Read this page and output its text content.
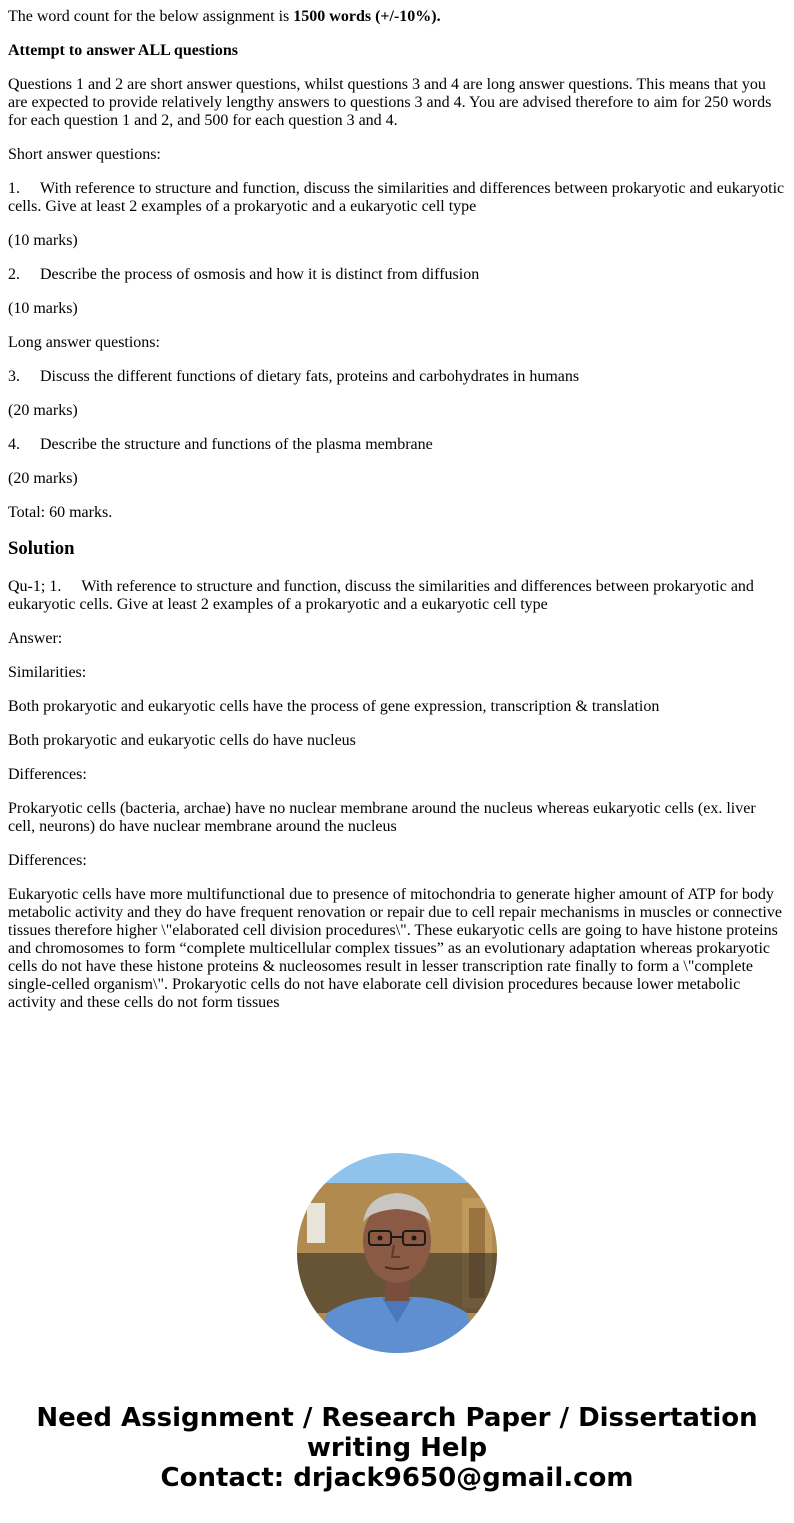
The word count for the below assignment is 1500 words (+/-10%).

Attempt to answer ALL questions

Questions 1 and 2 are short answer questions, whilst questions 3 and 4 are long answer questions. This means that you are expected to provide relatively lengthy answers to questions 3 and 4. You are advised therefore to aim for 250 words for each question 1 and 2, and 500 for each question 3 and 4.

Short answer questions:

1. With reference to structure and function, discuss the similarities and differences between prokaryotic and eukaryotic cells. Give at least 2 examples of a prokaryotic and a eukaryotic cell type

(10 marks)

2. Describe the process of osmosis and how it is distinct from diffusion

(10 marks)

Long answer questions:

3. Discuss the different functions of dietary fats, proteins and carbohydrates in humans

(20 marks)

4. Describe the structure and functions of the plasma membrane

(20 marks)

Total: 60 marks.

Solution

Qu-1; 1. With reference to structure and function, discuss the similarities and differences between prokaryotic and eukaryotic cells. Give at least 2 examples of a prokaryotic and a eukaryotic cell type

Answer:

Similarities:

Both prokaryotic and eukaryotic cells have the process of gene expression, transcription & translation

Both prokaryotic and eukaryotic cells do have nucleus

Differences:

Prokaryotic cells (bacteria, archae) have no nuclear membrane around the nucleus whereas eukaryotic cells (ex. liver cell, neurons) do have nuclear membrane around the nucleus

Differences:

Eukaryotic cells have more multifunctional due to presence of mitochondria to generate higher amount of ATP for body metabolic activity and they do have frequent renovation or repair due to cell repair mechanisms in muscles or connective tissues therefore higher \"elaborated cell division procedures\". These eukaryotic cells are going to have histone proteins and chromosomes to form “complete multicellular complex tissues” as an evolutionary adaptation whereas prokaryotic cells do not have these histone proteins & nucleosomes result in lesser transcription rate finally to form a \"complete single-celled organism\". Prokaryotic cells do not have elaborate cell division procedures because lower metabolic activity and these cells do not form tissues

Need Assignment / Research Paper / Dissertation
writing Help
Contact: drjack9650@gmail.com
